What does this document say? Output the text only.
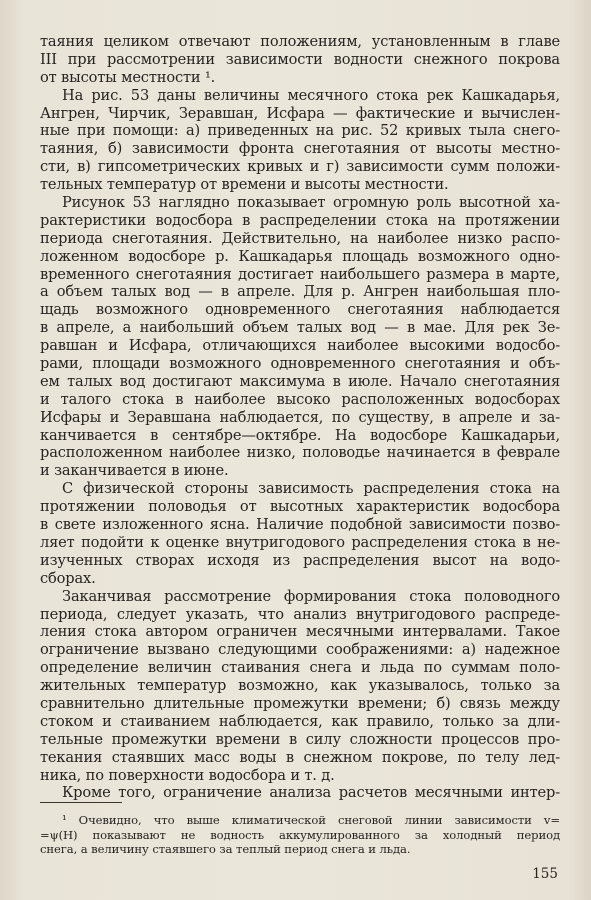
таяния целиком отвечают положениям, установленным в главе
III при рассмотрении зависимости водности снежного покрова
от высоты местности ¹.

На рис. 53 даны величины месячного стока рек Кашкадарья,
Ангрен, Чирчик, Зеравшан, Исфара — фактические и вычислен-
ные при помощи: а) приведенных на рис. 52 кривых тыла снего-
таяния, б) зависимости фронта снеготаяния от высоты местно-
сти, в) гипсометрических кривых и г) зависимости сумм положи-
тельных температур от времени и высоты местности.

Рисунок 53 наглядно показывает огромную роль высотной ха-
рактеристики водосбора в распределении стока на протяжении
периода снеготаяния. Действительно, на наиболее низко распо-
ложенном водосборе р. Кашкадарья площадь возможного одно-
временного снеготаяния достигает наибольшего размера в марте,
а объем талых вод — в апреле. Для р. Ангрен наибольшая пло-
щадь возможного одновременного снеготаяния наблюдается
в апреле, а наибольший объем талых вод — в мае. Для рек Зе-
равшан и Исфара, отличающихся наиболее высокими водосбо-
рами, площади возможного одновременного снеготаяния и объ-
ем талых вод достигают максимума в июле. Начало снеготаяния
и талого стока в наиболее высоко расположенных водосборах
Исфары и Зеравшана наблюдается, по существу, в апреле и за-
канчивается в сентябре—октябре. На водосборе Кашкадарьи,
расположенном наиболее низко, половодье начинается в феврале
и заканчивается в июне.

С физической стороны зависимость распределения стока на
протяжении половодья от высотных характеристик водосбора
в свете изложенного ясна. Наличие подобной зависимости позво-
ляет подойти к оценке внутригодового распределения стока в не-
изученных створах исходя из распределения высот на водо-
сборах.

Заканчивая рассмотрение формирования стока половодного
периода, следует указать, что анализ внутригодового распреде-
ления стока автором ограничен месячными интервалами. Такое
ограничение вызвано следующими соображениями: а) надежное
определение величин стаивания снега и льда по суммам поло-
жительных температур возможно, как указывалось, только за
сравнительно длительные промежутки времени; б) связь между
стоком и стаиванием наблюдается, как правило, только за дли-
тельные промежутки времени в силу сложности процессов про-
текания стаявших масс воды в снежном покрове, по телу лед-
ника, по поверхности водосбора и т. д.

Кроме того, ограничение анализа расчетов месячными интер-

¹ Очевидно, что выше климатической снеговой линии зависимости v=
=ψ(H) показывают не водность аккумулированного за холодный период
снега, а величину стаявшего за теплый период снега и льда.
155
